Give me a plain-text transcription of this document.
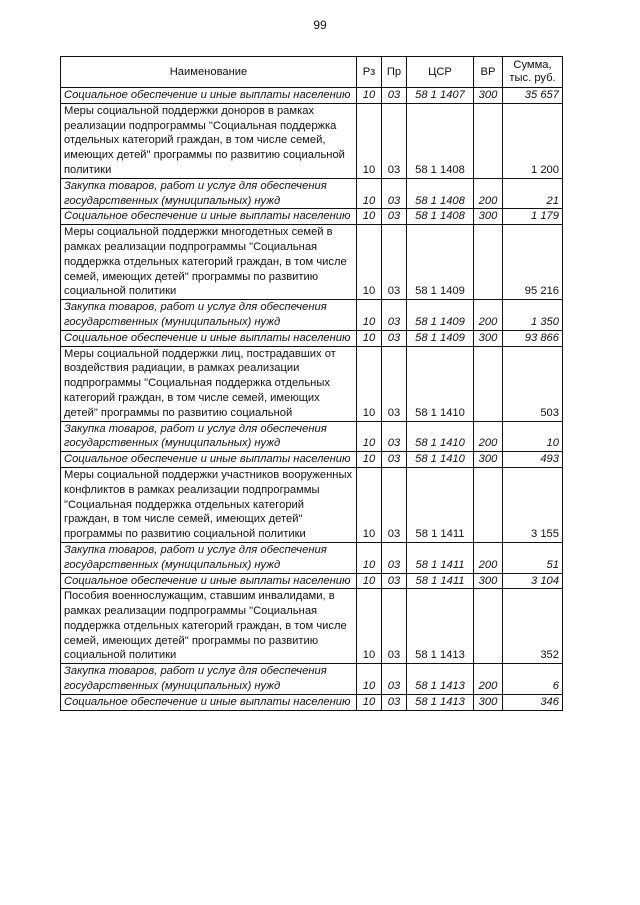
99
Наименование	Рз	Пр	ЦСР	ВР	Сумма, тыс. руб.
Социальное обеспечение и иные выплаты населению	10	03	58 1 1407	300	35 657
Меры социальной поддержки доноров в рамках реализации подпрограммы "Социальная поддержка отдельных категорий граждан, в том числе семей, имеющих детей" программы по развитию социальной политики	10	03	58 1 1408		1 200
Закупка товаров, работ и услуг для обеспечения государственных (муниципальных) нужд	10	03	58 1 1408	200	21
Социальное обеспечение и иные выплаты населению	10	03	58 1 1408	300	1 179
Меры социальной поддержки многодетных семей в рамках реализации подпрограммы "Социальная поддержка отдельных категорий граждан, в том числе семей, имеющих детей" программы по развитию социальной политики	10	03	58 1 1409		95 216
Закупка товаров, работ и услуг для обеспечения государственных (муниципальных) нужд	10	03	58 1 1409	200	1 350
Социальное обеспечение и иные выплаты населению	10	03	58 1 1409	300	93 866
Меры социальной поддержки лиц, пострадавших от воздействия радиации, в рамках реализации подпрограммы "Социальная поддержка отдельных категорий граждан, в том числе семей, имеющих детей" программы по развитию социальной	10	03	58 1 1410		503
Закупка товаров, работ и услуг для обеспечения государственных (муниципальных) нужд	10	03	58 1 1410	200	10
Социальное обеспечение и иные выплаты населению	10	03	58 1 1410	300	493
Меры социальной поддержки участников вооруженных конфликтов в рамках реализации подпрограммы "Социальная поддержка отдельных категорий граждан, в том числе семей, имеющих детей" программы по развитию социальной политики	10	03	58 1 1411		3 155
Закупка товаров, работ и услуг для обеспечения государственных (муниципальных) нужд	10	03	58 1 1411	200	51
Социальное обеспечение и иные выплаты населению	10	03	58 1 1411	300	3 104
Пособия военнослужащим, ставшим инвалидами, в рамках реализации подпрограммы "Социальная поддержка отдельных категорий граждан, в том числе семей, имеющих детей" программы по развитию социальной политики	10	03	58 1 1413		352
Закупка товаров, работ и услуг для обеспечения государственных (муниципальных) нужд	10	03	58 1 1413	200	6
Социальное обеспечение и иные выплаты населению	10	03	58 1 1413	300	346
